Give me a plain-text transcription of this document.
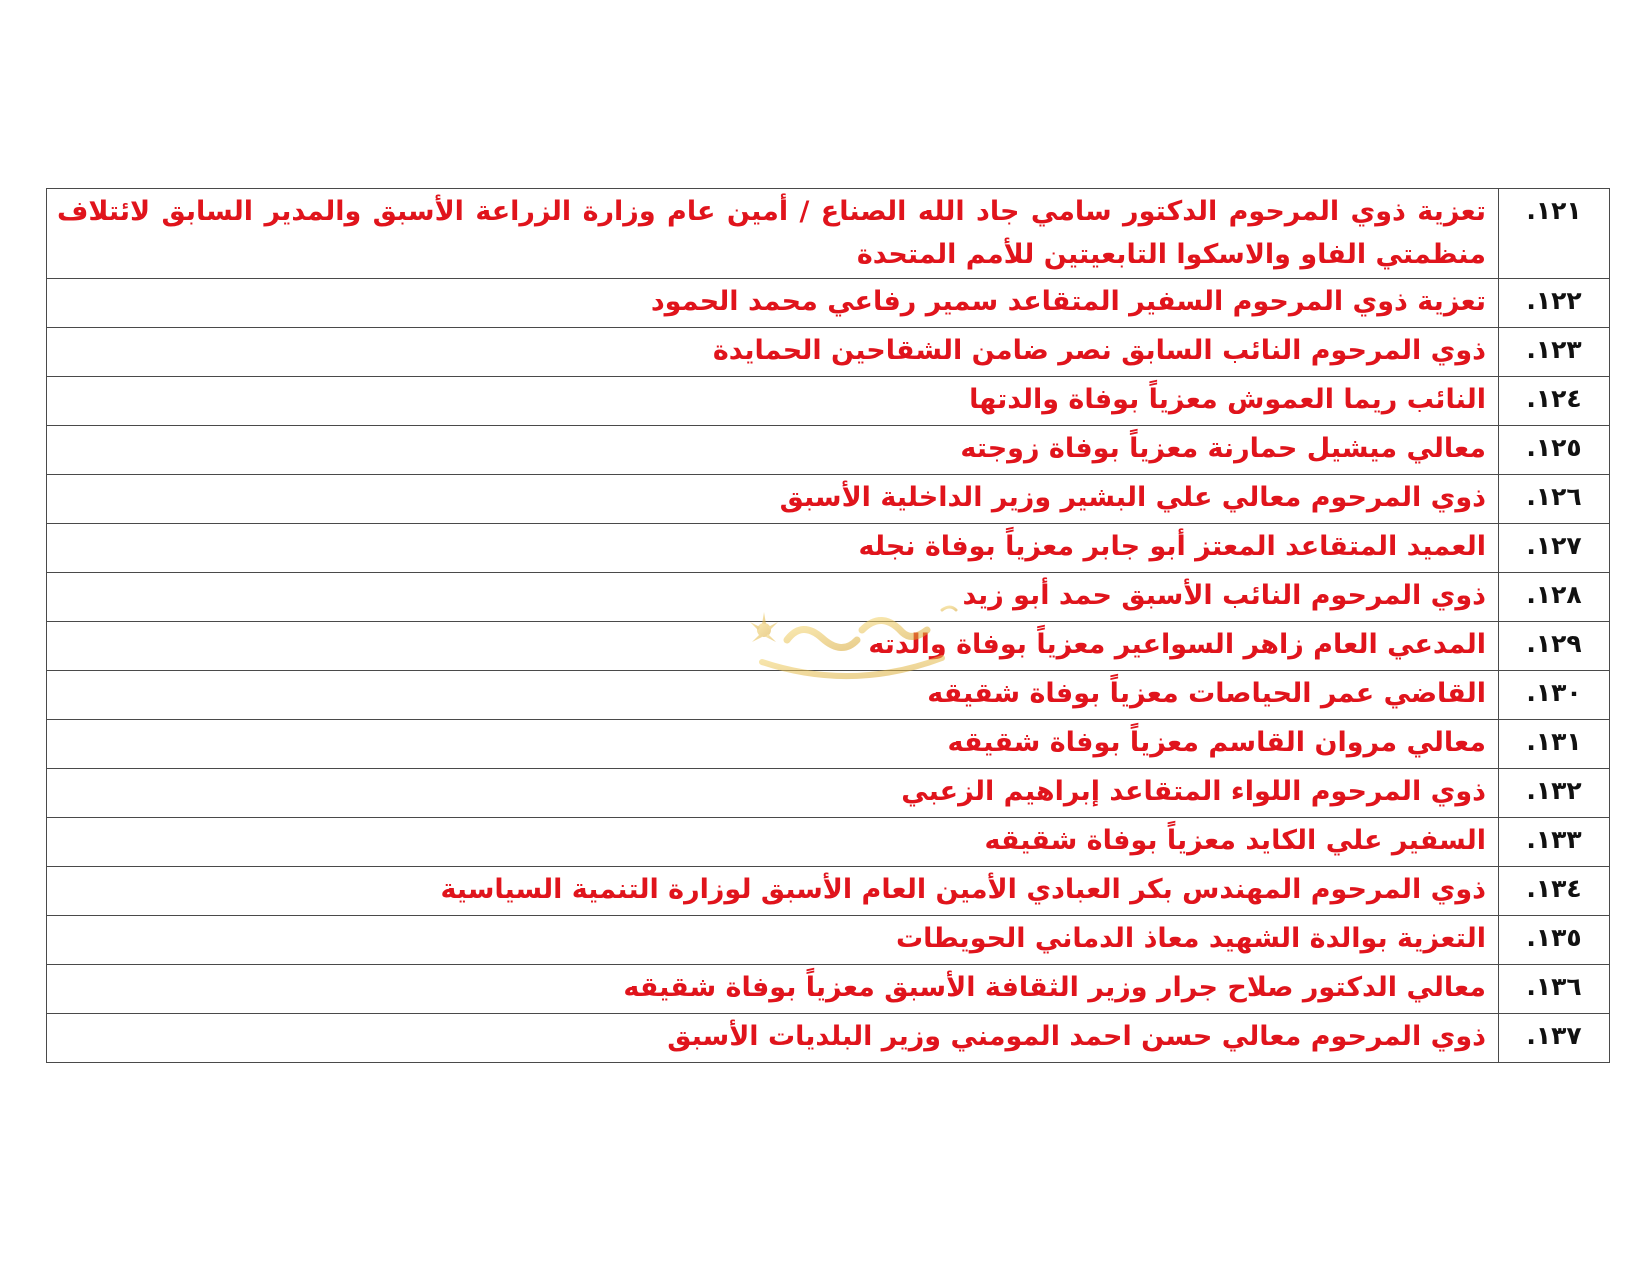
١٢١.	تعزية ذوي المرحوم الدكتور سامي جاد الله الصناع / أمين عام وزارة الزراعة الأسبق والمدير السابق لائتلاف منظمتي الفاو والاسكوا التابعيتين للأمم المتحدة
١٢٢.	تعزية ذوي المرحوم السفير المتقاعد سمير رفاعي محمد الحمود
١٢٣.	ذوي المرحوم النائب السابق نصر ضامن الشقاحين الحمايدة
١٢٤.	النائب ريما العموش معزياً بوفاة والدتها
١٢٥.	معالي ميشيل حمارنة معزياً بوفاة زوجته
١٢٦.	ذوي المرحوم معالي علي البشير وزير الداخلية الأسبق
١٢٧.	العميد المتقاعد المعتز أبو جابر معزياً بوفاة نجله
١٢٨.	ذوي المرحوم النائب الأسبق حمد أبو زيد
١٢٩.	المدعي العام زاهر السواعير معزياً بوفاة والدته
١٣٠.	القاضي عمر الحياصات معزياً بوفاة شقيقه
١٣١.	معالي مروان القاسم معزياً بوفاة شقيقه
١٣٢.	ذوي المرحوم اللواء المتقاعد إبراهيم الزعبي
١٣٣.	السفير علي الكايد معزياً بوفاة شقيقه
١٣٤.	ذوي المرحوم المهندس بكر العبادي الأمين العام الأسبق لوزارة التنمية السياسية
١٣٥.	التعزية بوالدة الشهيد معاذ الدماني الحويطات
١٣٦.	معالي الدكتور صلاح جرار وزير الثقافة الأسبق معزياً بوفاة شقيقه
١٣٧.	ذوي المرحوم معالي حسن احمد المومني وزير البلديات الأسبق
